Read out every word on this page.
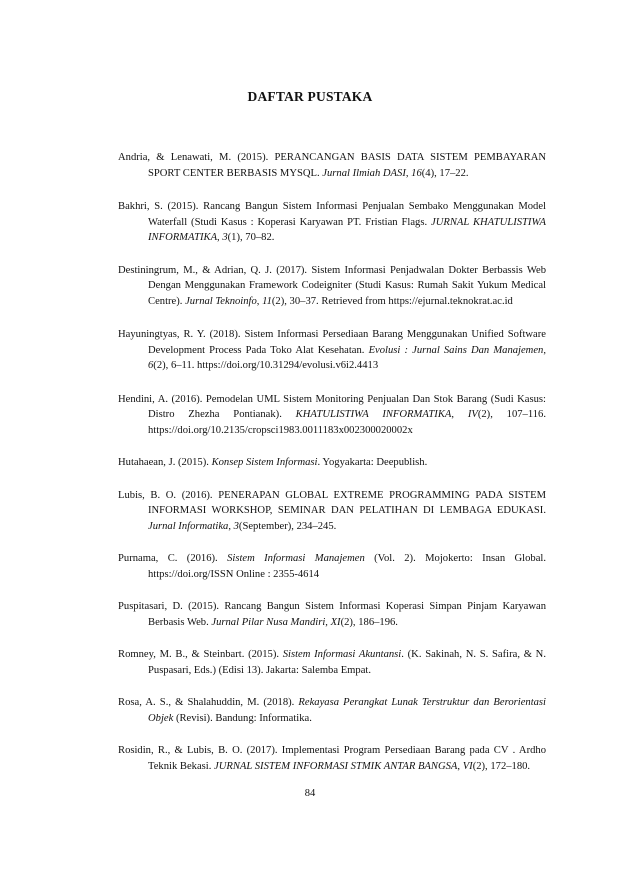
DAFTAR PUSTAKA
Andria, & Lenawati, M. (2015). PERANCANGAN BASIS DATA SISTEM PEMBAYARAN SPORT CENTER BERBASIS MYSQL. Jurnal Ilmiah DASI, 16(4), 17–22.
Bakhri, S. (2015). Rancang Bangun Sistem Informasi Penjualan Sembako Menggunakan Model Waterfall (Studi Kasus : Koperasi Karyawan PT. Fristian Flags. JURNAL KHATULISTIWA INFORMATIKA, 3(1), 70–82.
Destiningrum, M., & Adrian, Q. J. (2017). Sistem Informasi Penjadwalan Dokter Berbassis Web Dengan Menggunakan Framework Codeigniter (Studi Kasus: Rumah Sakit Yukum Medical Centre). Jurnal Teknoinfo, 11(2), 30–37. Retrieved from https://ejurnal.teknokrat.ac.id
Hayuningtyas, R. Y. (2018). Sistem Informasi Persediaan Barang Menggunakan Unified Software Development Process Pada Toko Alat Kesehatan. Evolusi : Jurnal Sains Dan Manajemen, 6(2), 6–11. https://doi.org/10.31294/evolusi.v6i2.4413
Hendini, A. (2016). Pemodelan UML Sistem Monitoring Penjualan Dan Stok Barang (Sudi Kasus: Distro Zhezha Pontianak). KHATULISTIWA INFORMATIKA, IV(2), 107–116. https://doi.org/10.2135/cropsci1983.0011183x002300020002x
Hutahaean, J. (2015). Konsep Sistem Informasi. Yogyakarta: Deepublish.
Lubis, B. O. (2016). PENERAPAN GLOBAL EXTREME PROGRAMMING PADA SISTEM INFORMASI WORKSHOP, SEMINAR DAN PELATIHAN DI LEMBAGA EDUKASI. Jurnal Informatika, 3(September), 234–245.
Purnama, C. (2016). Sistem Informasi Manajemen (Vol. 2). Mojokerto: Insan Global. https://doi.org/ISSN Online : 2355-4614
Puspitasari, D. (2015). Rancang Bangun Sistem Informasi Koperasi Simpan Pinjam Karyawan Berbasis Web. Jurnal Pilar Nusa Mandiri, XI(2), 186–196.
Romney, M. B., & Steinbart. (2015). Sistem Informasi Akuntansi. (K. Sakinah, N. S. Safira, & N. Puspasari, Eds.) (Edisi 13). Jakarta: Salemba Empat.
Rosa, A. S., & Shalahuddin, M. (2018). Rekayasa Perangkat Lunak Terstruktur dan Berorientasi Objek (Revisi). Bandung: Informatika.
Rosidin, R., & Lubis, B. O. (2017). Implementasi Program Persediaan Barang pada CV . Ardho Teknik Bekasi. JURNAL SISTEM INFORMASI STMIK ANTAR BANGSA, VI(2), 172–180.
84
